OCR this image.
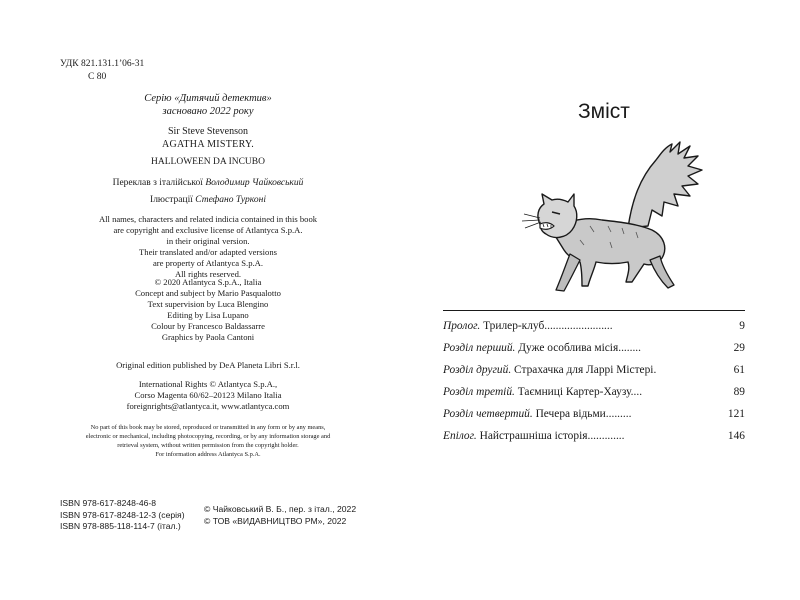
УДК 821.131.1’06-31
С 80
Серію «Дитячий детектив»
засновано 2022 року
Sir Steve Stevenson
AGATHA MISTERY.
HALLOWEEN DA INCUBO
Переклав з італійської Володимир Чайковський
Ілюстрації Стефано Турконі
All names, characters and related indicia contained in this book
are copyright and exclusive license of Atlantyca S.p.A.
in their original version.
Their translated and/or adapted versions
are property of Atlantyca S.p.A.
All rights reserved.
© 2020 Atlantyca S.p.A., Italia
Concept and subject by Mario Pasqualotto
Text supervision by Luca Blengino
Editing by Lisa Lupano
Colour by Francesco Baldassarre
Graphics by Paola Cantoni
Original edition published by DeA Planeta Libri S.r.l.
International Rights © Atlantyca S.p.A.,
Corso Magenta 60/62–20123 Milano Italia
foreignrights@atlantyca.it, www.atlantyca.com
No part of this book may be stored, reproduced or transmitted in any form or by any means,
electronic or mechanical, including photocopying, recording, or by any information storage and
retrieval system, without written permission from the copyright holder.
For information address Atlantyca S.p.A.
ISBN 978-617-8248-46-8
ISBN 978-617-8248-12-3 (серія)
ISBN 978-885-118-114-7 (італ.)
© Чайковський В. Б., пер. з італ., 2022
© ТОВ «ВИДАВНИЦТВО РМ», 2022
Зміст
Пролог. Трилер-клуб........................	9
Розділ перший. Дуже особлива місія........	29
Розділ другий. Страхачка для Ларрі Містері.	61
Розділ третій. Таємниці Картер-Хаузу....	89
Розділ четвертий. Печера відьми.........	121
Епілог. Найстрашніша історія.............	146
